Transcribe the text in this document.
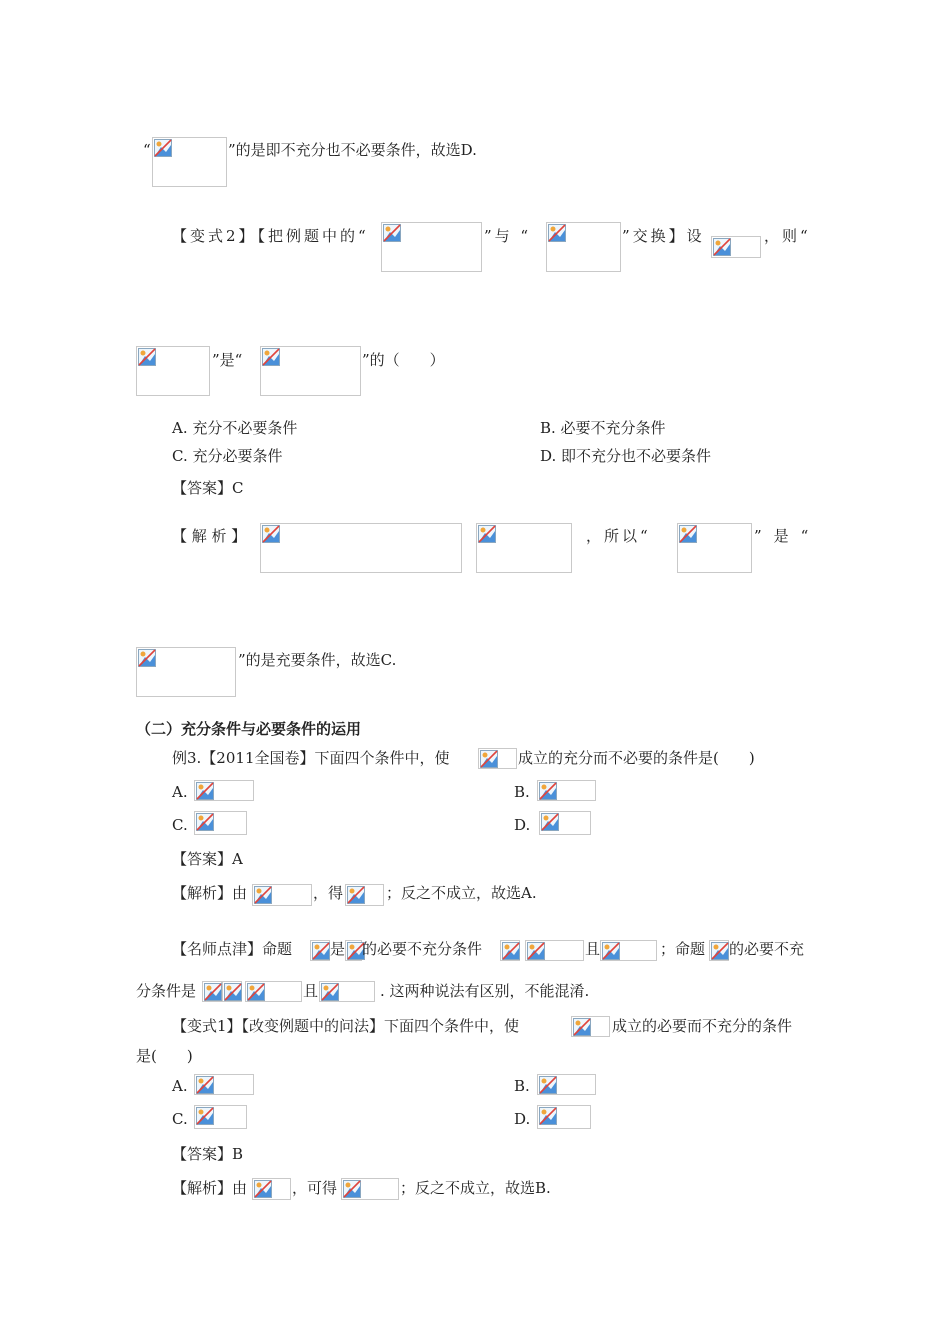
“	”的是即不充分也不必要条件，故选D.
【变式2】
【把例题中的“	”与 “	”交换】设	，则“
”是“	”的（　　）
A. 充分不必要条件	B. 必要不充分条件
C. 充分必要条件	D. 即不充分也不必要条件
【答案】C
【 解 析 】	，所以“	”是“
”的是充要条件，故选C.
（二）充分条件与必要条件的运用
例3.【2011全国卷】下面四个条件中，使	成立的充分而不必要的条件是(　　)
A.	B.
C.	D.
【答案】A
【解析】由	，得	；反之不成立，故选A.
【名师点津】命题	是 的必要不充分条件	且	；命题 的必要不充
分条件是	且	. 这两种说法有区别，不能混淆.
【变式1】【改变例题中的问法】下面四个条件中，使	成立的必要而不充分的条件
是(　　)
A.	B.
C.	D.
【答案】B
【解析】由	，可得	；反之不成立，故选B.
